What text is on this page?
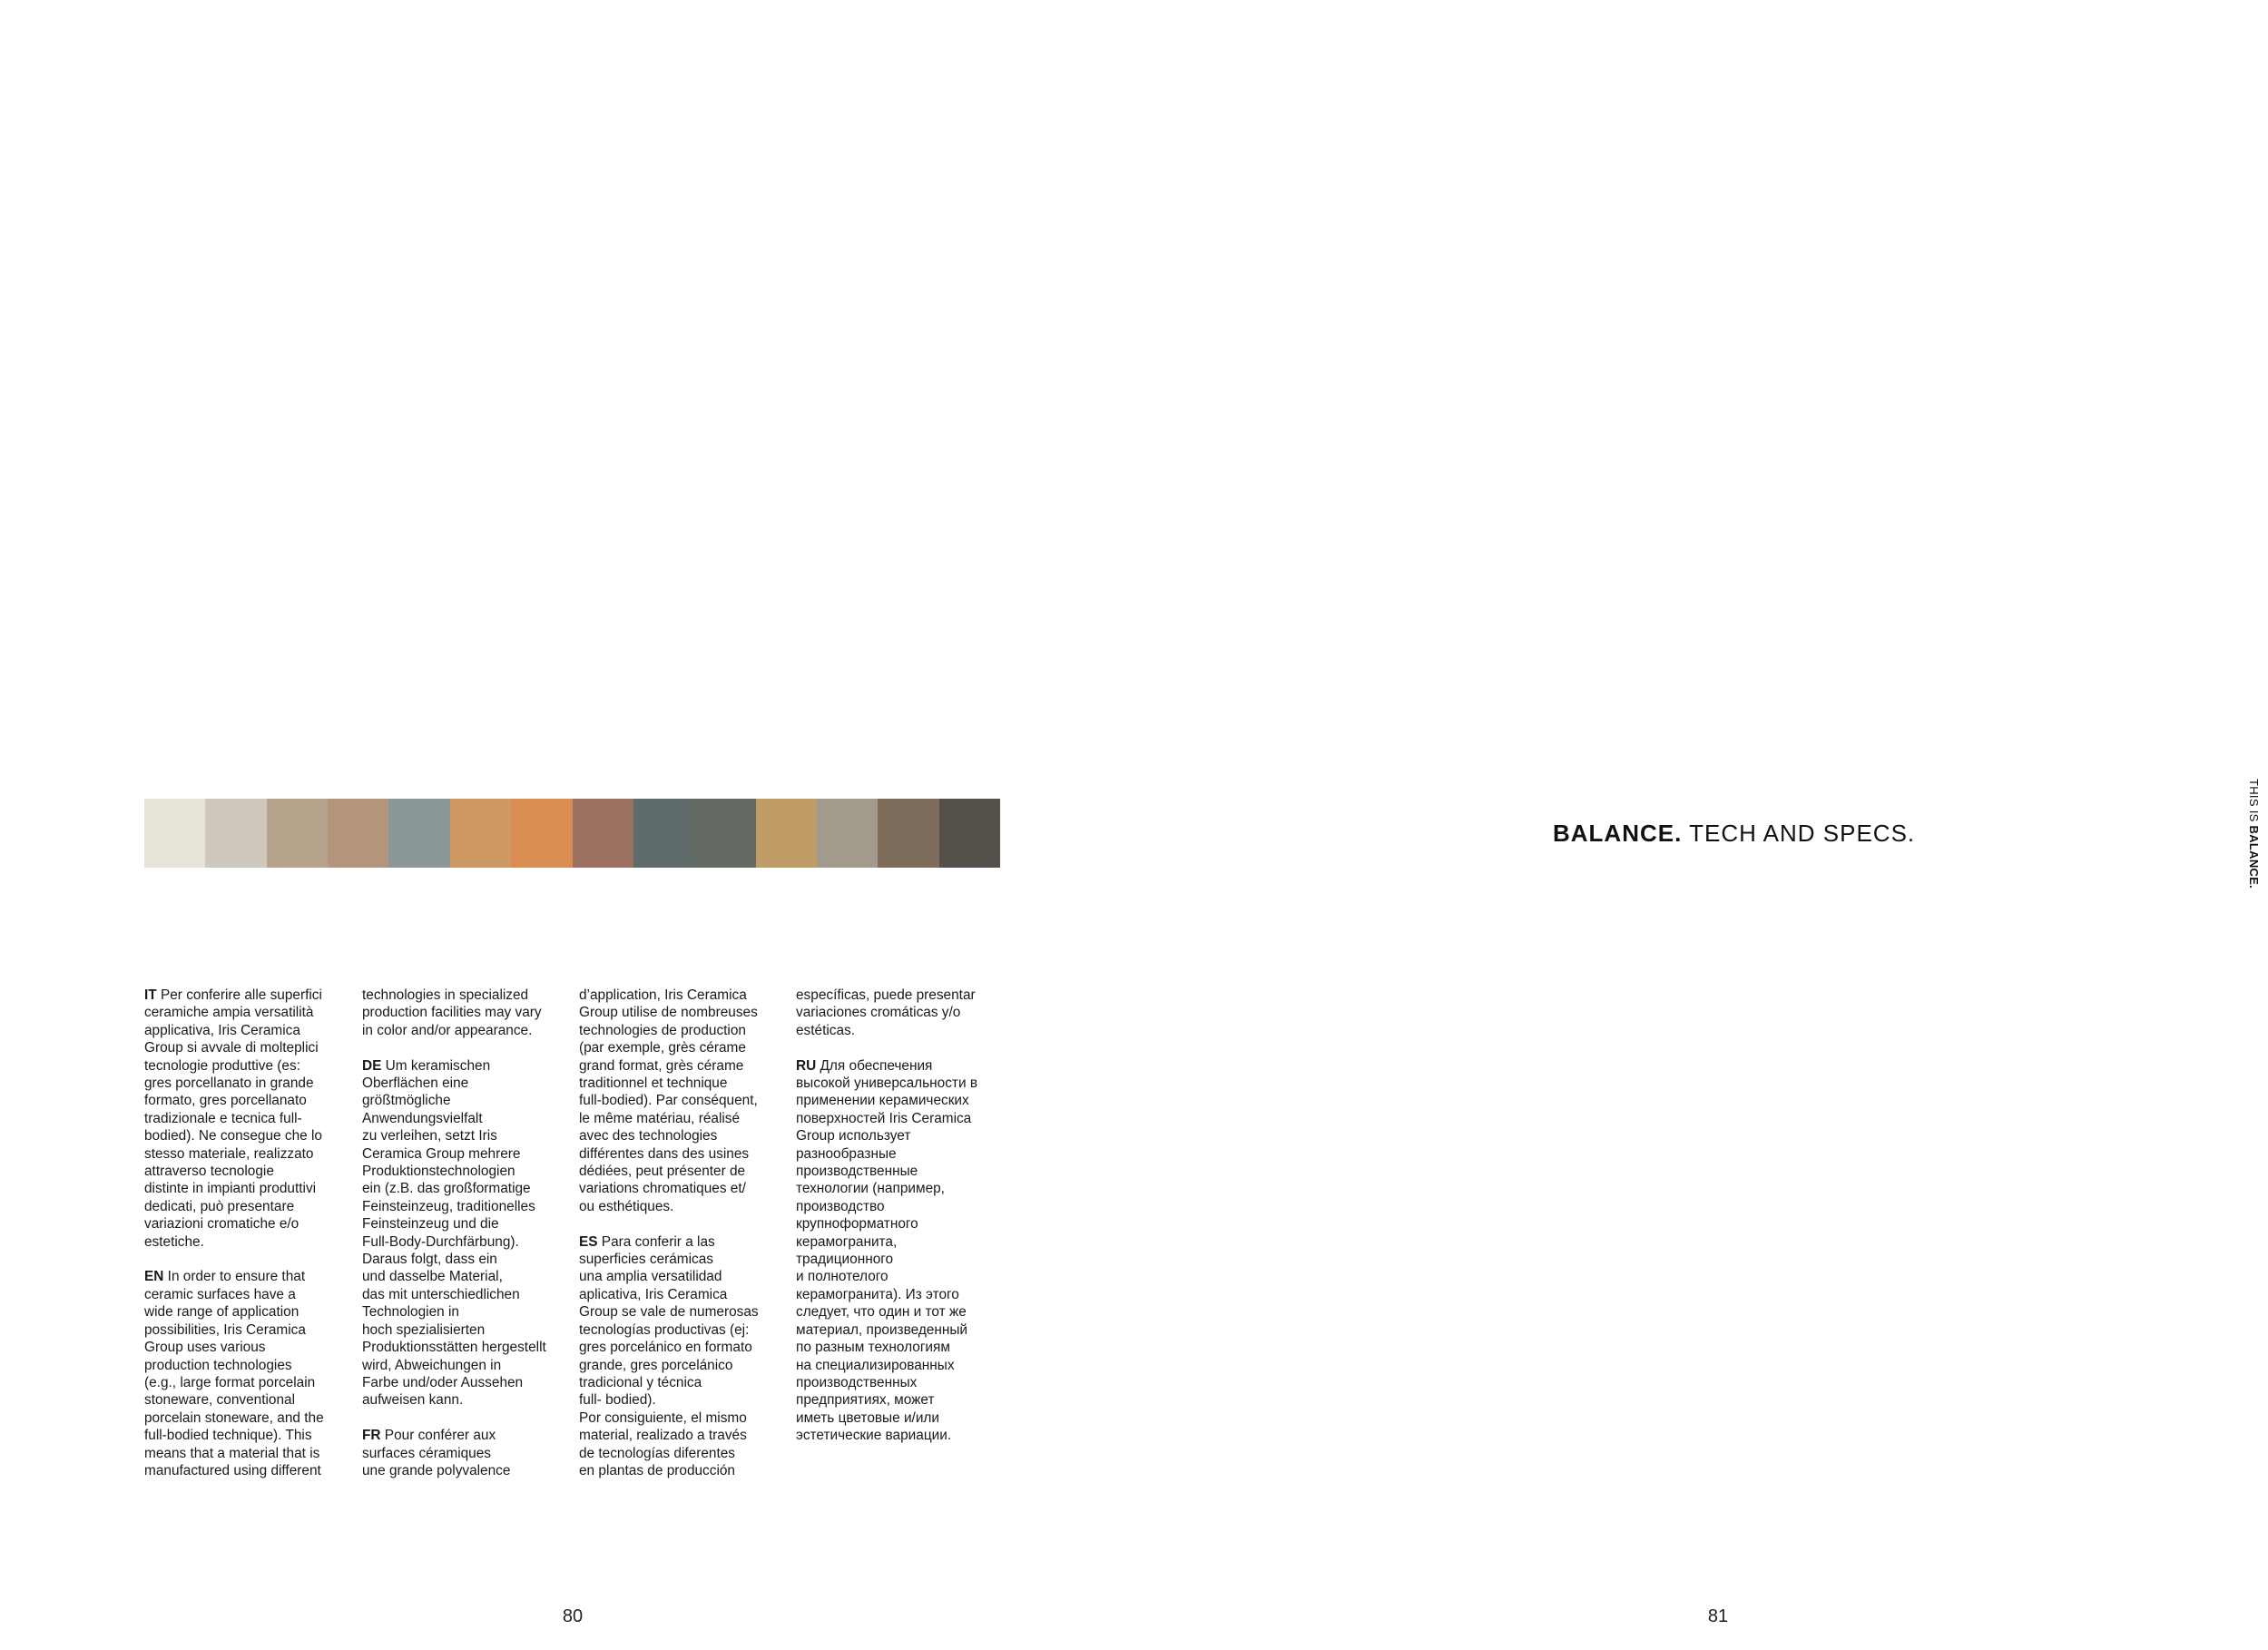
IT Per conferire alle superfici
ceramiche ampia versatilità
applicativa, Iris Ceramica
Group si avvale di molteplici
tecnologie produttive (es:
gres porcellanato in grande
formato, gres porcellanato
tradizionale e tecnica full-
bodied). Ne consegue che lo
stesso materiale, realizzato
attraverso tecnologie
distinte in impianti produttivi
dedicati, può presentare
variazioni cromatiche e/o
estetiche.
EN In order to ensure that
ceramic surfaces have a
wide range of application
possibilities, Iris Ceramica
Group uses various
production technologies
(e.g., large format porcelain
stoneware, conventional
porcelain stoneware, and the
full-bodied technique). This
means that a material that is
manufactured using different

technologies in specialized
production facilities may vary
in color and/or appearance.
DE Um keramischen
Oberflächen eine
größtmögliche
Anwendungsvielfalt
zu verleihen, setzt Iris
Ceramica Group mehrere
Produktionstechnologien
ein (z.B. das großformatige
Feinsteinzeug, traditionelles
Feinsteinzeug und die
Full-Body-Durchfärbung).
Daraus folgt, dass ein
und dasselbe Material,
das mit unterschiedlichen
Technologien in
hoch spezialisierten
Produktionsstätten hergestellt
wird, Abweichungen in
Farbe und/oder Aussehen
aufweisen kann.
FR Pour conférer aux
surfaces céramiques
une grande polyvalence

d’application, Iris Ceramica
Group utilise de nombreuses
technologies de production
(par exemple, grès cérame
grand format, grès cérame
traditionnel et technique
full-bodied). Par conséquent,
le même matériau, réalisé
avec des technologies
différentes dans des usines
dédiées, peut présenter de
variations chromatiques et/
ou esthétiques.
ES Para conferir a las
superficies cerámicas
una amplia versatilidad
aplicativa, Iris Ceramica
Group se vale de numerosas
tecnologías productivas (ej:
gres porcelánico en formato
grande, gres porcelánico
tradicional y técnica
full- bodied).
Por consiguiente, el mismo
material, realizado a través
de tecnologías diferentes
en plantas de producción

específicas, puede presentar
variaciones cromáticas y/o
estéticas.
RU Для обеспечения
высокой универсальности в
применении керамических
поверхностей Iris Ceramica
Group использует
разнообразные
производственные
технологии (например,
производство
крупноформатного
керамогранита,
традиционного
и полнотелого
керамогранита). Из этого
следует, что один и тот же
материал, произведенный
по разным технологиям
на специализированных
производственных
предприятиях, может
иметь цветовые и/или
эстетические вариации.

80	81
BALANCE. TECH AND SPECS.
THIS IS BALANCE.
